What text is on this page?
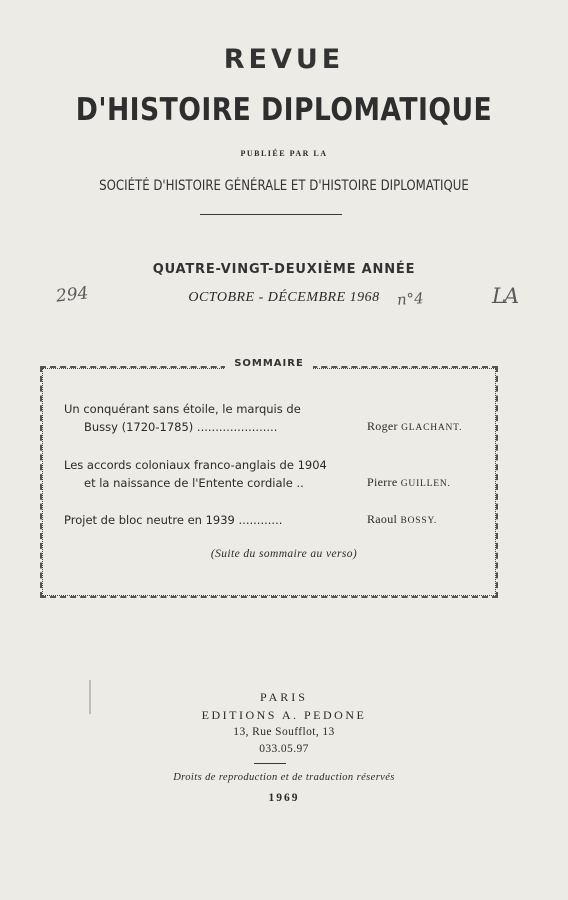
REVUE
D'HISTOIRE DIPLOMATIQUE
PUBLIÉE PAR LA
SOCIÉTÉ D'HISTOIRE GÉNÉRALE ET D'HISTOIRE DIPLOMATIQUE
QUATRE-VINGT-DEUXIÈME ANNÉE
OCTOBRE - DÉCEMBRE 1968
294	n°4	LA
SOMMAIRE
Un conquérant sans étoile, le marquis de
Bussy (1720-1785) ......................	Roger GLACHANT.
Les accords coloniaux franco-anglais de 1904
et la naissance de l'Entente cordiale ..	Pierre GUILLEN.
Projet de bloc neutre en 1939 ............	Raoul BOSSY.
(Suite du sommaire au verso)
PARIS
EDITIONS A. PEDONE
13, Rue Soufflot, 13
033.05.97
Droits de reproduction et de traduction réservés
1969
